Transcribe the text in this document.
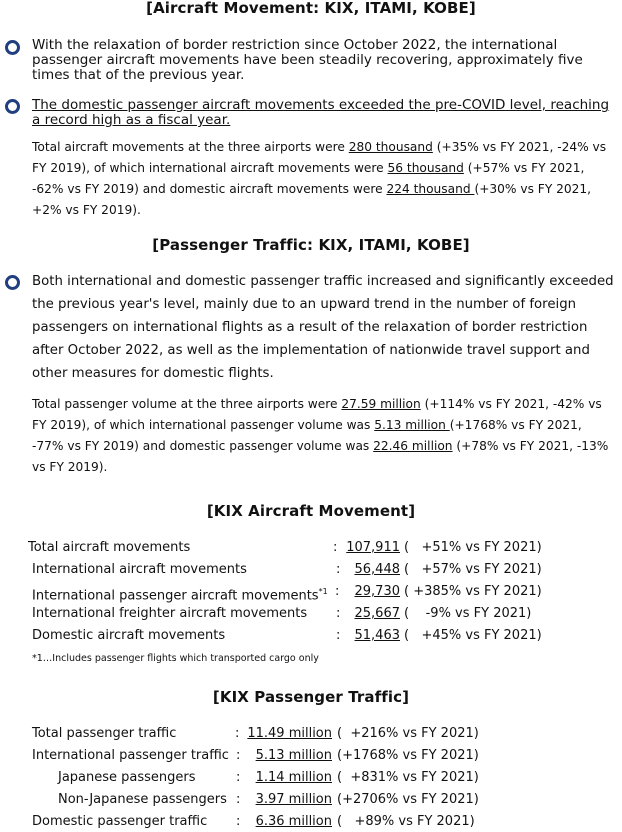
[Aircraft Movement: KIX, ITAMI, KOBE]
With the relaxation of border restriction since October 2022, the international passenger aircraft movements have been steadily recovering, approximately five times that of the previous year.
The domestic passenger aircraft movements exceeded the pre-COVID level, reaching a record high as a fiscal year.
Total aircraft movements at the three airports were 280 thousand (+35% vs FY 2021, -24% vs FY 2019), of which international aircraft movements were 56 thousand (+57% vs FY 2021, -62% vs FY 2019) and domestic aircraft movements were 224 thousand (+30% vs FY 2021, +2% vs FY 2019).
[Passenger Traffic: KIX, ITAMI, KOBE]
Both international and domestic passenger traffic increased and significantly exceeded the previous year's level, mainly due to an upward trend in the number of foreign passengers on international flights as a result of the relaxation of border restriction after October 2022, as well as the implementation of nationwide travel support and other measures for domestic flights.
Total passenger volume at the three airports were 27.59 million (+114% vs FY 2021, -42% vs FY 2019), of which international passenger volume was 5.13 million (+1768% vs FY 2021, -77% vs FY 2019) and domestic passenger volume was 22.46 million (+78% vs FY 2021, -13% vs FY 2019).
[KIX Aircraft Movement]
Total aircraft movements	: 107,911 (   +51% vs FY 2021)
International aircraft movements	:	56,448 (   +57% vs FY 2021)
International passenger aircraft movements$^{*1}$ :	29,730 ( +385% vs FY 2021)
International freighter aircraft movements :	25,667 (    -9% vs FY 2021)
Domestic aircraft movements	:	51,463 (   +45% vs FY 2021)
*1…Includes passenger flights which transported cargo only
[KIX Passenger Traffic]
Total passenger traffic	: 11.49 million (  +216% vs FY 2021)
International passenger traffic :	5.13 million (+1768% vs FY 2021)
Japanese passengers	:	1.14 million (  +831% vs FY 2021)
Non-Japanese passengers :	3.97 million (+2706% vs FY 2021)
Domestic passenger traffic :	6.36 million (   +89% vs FY 2021)
